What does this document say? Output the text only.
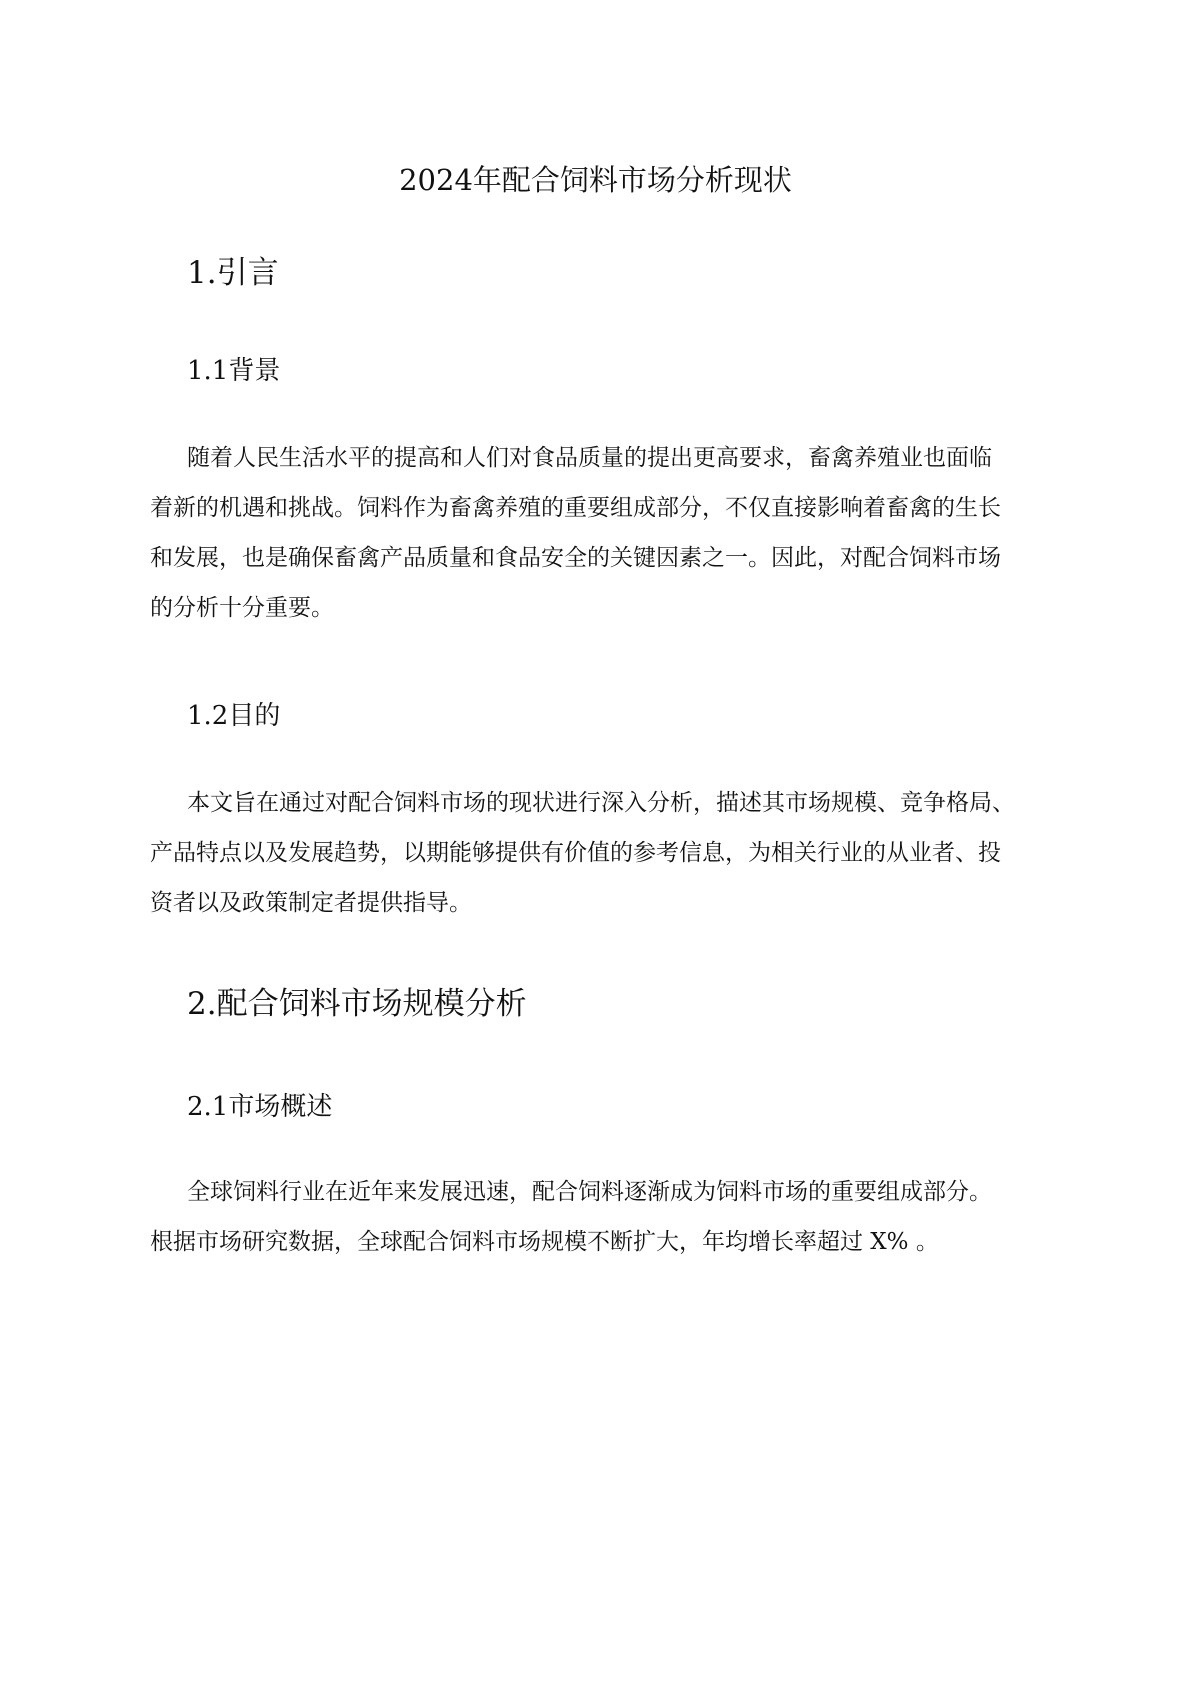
2024年配合饲料市场分析现状
1.引言
1.1背景
随着人民生活水平的提高和人们对食品质量的提出更高要求，畜禽养殖业也面临
着新的机遇和挑战。饲料作为畜禽养殖的重要组成部分，不仅直接影响着畜禽的生长
和发展，也是确保畜禽产品质量和食品安全的关键因素之一。因此，对配合饲料市场
的分析十分重要。
1.2目的
本文旨在通过对配合饲料市场的现状进行深入分析，描述其市场规模、竞争格局、
产品特点以及发展趋势，以期能够提供有价值的参考信息，为相关行业的从业者、投
资者以及政策制定者提供指导。
2.配合饲料市场规模分析
2.1市场概述
全球饲料行业在近年来发展迅速，配合饲料逐渐成为饲料市场的重要组成部分。
根据市场研究数据，全球配合饲料市场规模不断扩大，年均增长率超过 X% 。
